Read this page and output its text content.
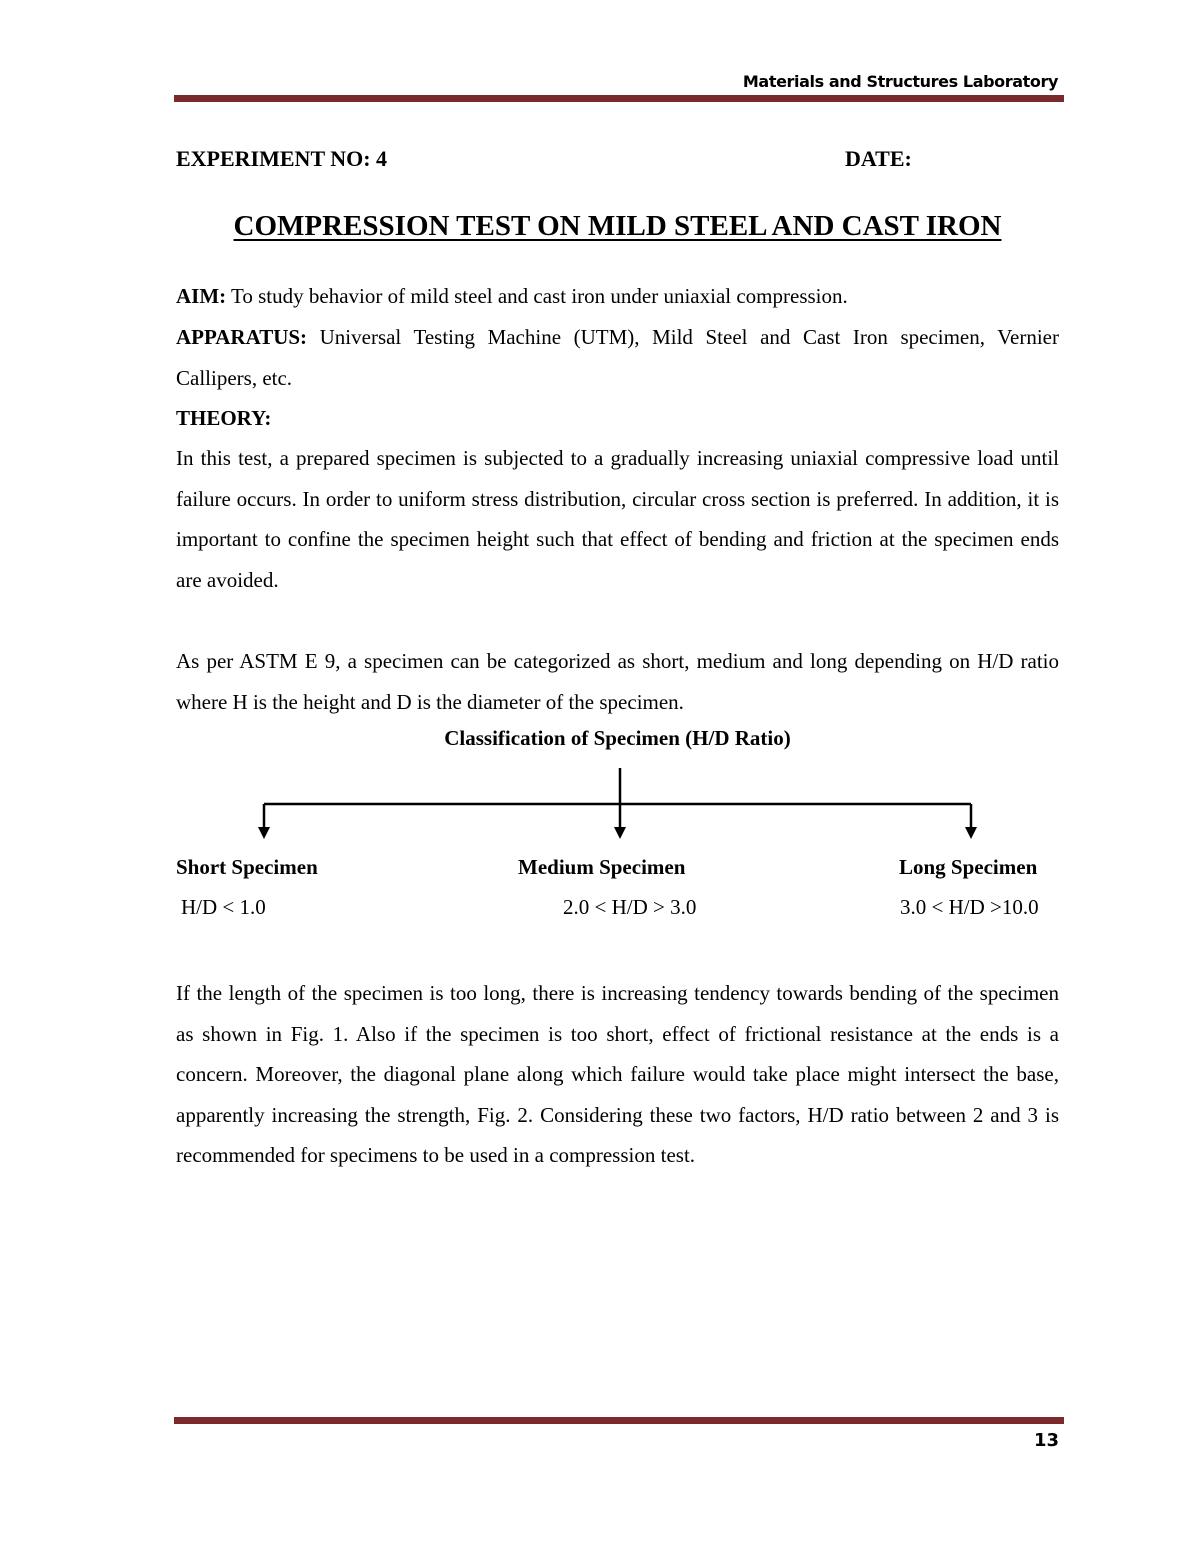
Materials and Structures Laboratory
EXPERIMENT NO: 4	DATE:
COMPRESSION TEST ON MILD STEEL AND CAST IRON
AIM: To study behavior of mild steel and cast iron under uniaxial compression.
APPARATUS: Universal Testing Machine (UTM), Mild Steel and Cast Iron specimen, Vernier Callipers, etc.
THEORY:
In this test, a prepared specimen is subjected to a gradually increasing uniaxial compressive load until failure occurs. In order to uniform stress distribution, circular cross section is preferred. In addition, it is important to confine the specimen height such that effect of bending and friction at the specimen ends are avoided.
As per ASTM E 9, a specimen can be categorized as short, medium and long depending on H/D ratio where H is the height and D is the diameter of the specimen.
Classification of Specimen (H/D Ratio)
Short Specimen
H/D < 1.0
Medium Specimen
2.0 < H/D > 3.0
Long Specimen
3.0 < H/D >10.0
If the length of the specimen is too long, there is increasing tendency towards bending of the specimen as shown in Fig. 1. Also if the specimen is too short, effect of frictional resistance at the ends is a concern. Moreover, the diagonal plane along which failure would take place might intersect the base, apparently increasing the strength, Fig. 2. Considering these two factors, H/D ratio between 2 and 3 is recommended for specimens to be used in a compression test.
13
